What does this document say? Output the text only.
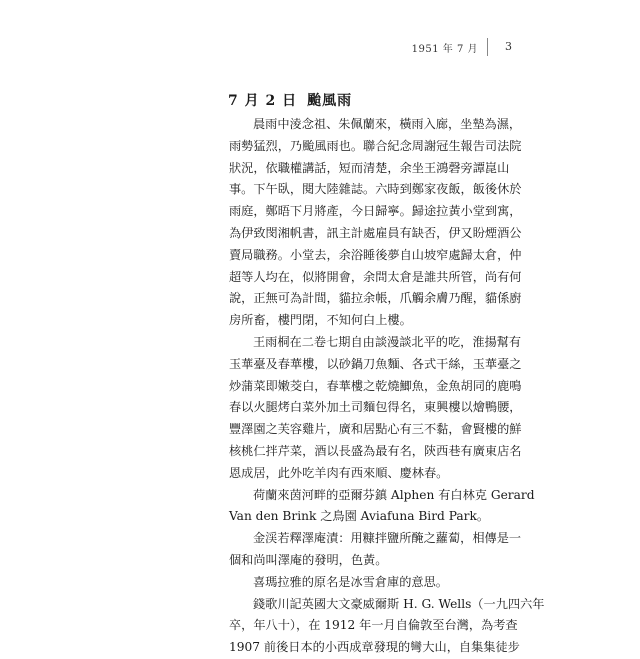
1951 年 7 月 3
7 月 2 日 颱風雨
晨雨中淩念祖、朱佩蘭來，橫雨入廊，坐墊為濕，
雨勢猛烈，乃颱風雨也。聯合紀念周謝冠生報告司法院
狀況，依職權講話，短而清楚，余坐王鴻磬旁譚崑山
事。下午臥，閱大陸雜誌。六時到鄭家夜飯，飯後休於
雨庭，鄭晤下月將產，今日歸寧。歸途拉黃小堂到寓，
為伊致閔湘帆書，訊主計處雇員有缺否，伊又盼煙酒公
賣局職務。小堂去，余浴睡後夢自山坡窄處歸太倉，仲
超等人均在，似將開會，余問太倉是誰共所管，尚有何
說，正無可為計間，貓拉余帳，爪觸余膚乃醒，貓係廚
房所畜，樓門閉，不知何白上樓。
王雨桐在二卷七期自由談漫談北平的吃，淮揚幫有
玉華臺及春華樓，以砂鍋刀魚麵、各式干絲，玉華臺之
炒蒲菜即嫩茭白，春華樓之乾燒鯽魚，金魚胡同的鹿鳴
春以火腿烤白菜外加土司麵包得名，東興樓以燴鴨腰，
豐澤園之芙容雞片，廣和居點心有三不黏，會賢樓的鮮
核桃仁拌芹菜，酒以長盛為最有名，陝西巷有廣東店名
恩成居，此外吃羊肉有西來順、慶林春。
荷蘭來茵河畔的亞爾芬鎮 Alphen 有白林克 Gerard
Van den Brink 之鳥園 Aviafuna Bird Park。
金渓若釋澤庵漬：用糠拌鹽所醃之蘿蔔，相傳是一
個和尚叫澤庵的發明，色黃。
喜瑪拉雅的原名是冰雪倉庫的意思。
錢歌川記英國大文豪威爾斯 H. G. Wells（一九四六年
卒，年八十），在 1912 年一月自倫敦至台灣，為考查
1907 前後日本的小西成章發現的彎大山，自集集徒步
